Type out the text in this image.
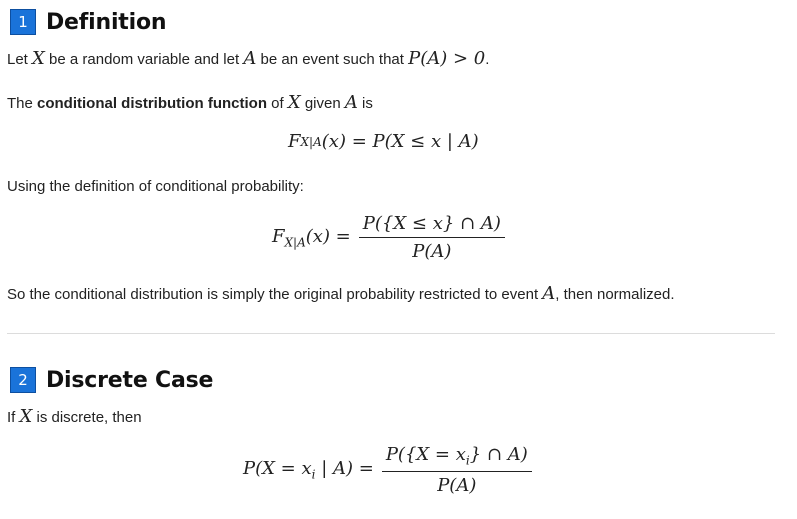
1 Definition
Let X be a random variable and let A be an event such that P(A) > 0.
The conditional distribution function of X given A is
F X|A (x)
= P(X ≤ x | A)
Using the definition of conditional probability:
$F_{X|A}(x) = \frac{P(\{X \le x\} \cap A)}{P(A)}$
So the conditional distribution is simply the original probability restricted to event A, then normalized.
2 Discrete Case
If X is discrete, then
$P(X = x_i$ | $A) = \frac{P(\{X = x_i\} \cap A)}{P(A)}$
